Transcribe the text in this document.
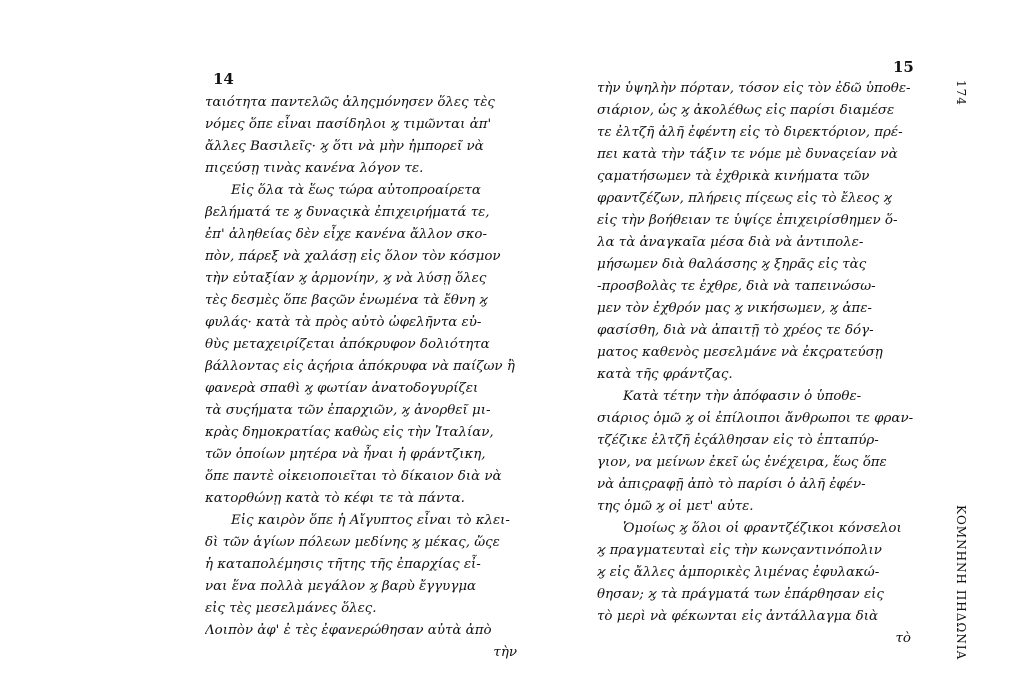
14
15
ταιότητα παντελῶς ἀληςμόνησεν ὅλες τὲς
νόμες ὅπε εἶναι πασίδηλοι ϗ τιμῶνται ἀπ'
ἄλλες Βασιλεῖς· ϗ ὅτι νὰ μὴν ἠμπορεῖ νὰ
πιςεύσῃ τινὰς κανένα λόγον τε.
Εἰς ὅλα τὰ ἕως τώρα αὐτοπροαίρετα
βελήματά τε ϗ δυναςικὰ ἐπιχειρήματά τε,
ἐπ' ἀληθείας δὲν εἶχε κανένα ἄλλον σκο-
πὸν, πάρεξ νὰ χαλάσῃ εἰς ὅλον τὸν κόσμον
τὴν εὐταξίαν ϗ ἁρμονίην, ϗ νὰ λύσῃ ὅλες
τὲς δεσμὲς ὅπε βαςῶν ἑνωμένα τὰ ἔθνη ϗ
φυλάς· κατὰ τὰ πρὸς αὐτὸ ὠφελῆντα εὐ-
θὺς μεταχειρίζεται ἀπόκρυφον δολιότητα
βάλλοντας εἰς ἀςήρια ἀπόκρυφα νὰ παίζων ἢ
φανερὰ σπαθὶ ϗ φωτίαν ἀνατοδογυρίζει
τὰ συςήματα τῶν ἐπαρχιῶν, ϗ ἀνορθεῖ μι-
κρὰς δημοκρατίας καθὼς εἰς τὴν Ἰταλίαν,
τῶν ὁποίων μητέρα νὰ ἦναι ἡ φράντζικη,
ὅπε παντὲ οἰκειοποιεῖται τὸ δίκαιον διὰ νὰ
κατορθώνῃ κατὰ τὸ κέφι τε τὰ πάντα.
Εἰς καιρὸν ὅπε ἡ Αἴγυπτος εἶναι τὸ κλει-
δὶ τῶν ἁγίων πόλεων μεδίνης ϗ μέκας, ὥςε
ἡ καταπολέμησις τῆτης τῆς ἐπαρχίας εἶ-
ναι ἕνα πολλὰ μεγάλον ϗ βαρὺ ἔγγυγμα
εἰς τὲς μεσελμάνες ὅλες.
Λοιπὸν ἀφ' ἐ τὲς ἐφανερώθησαν αὐτὰ ἀπὸ
τὴν
τὴν ὑψηλὴν πόρταν, τόσον εἰς τὸν ἐδῶ ὑποθε-
σιάριον, ὡς ϗ ἀκολέθως εἰς παρίσι διαμέσε
τε ἐλτζῆ ἀλῆ ἐφέντη εἰς τὸ διρεκτόριον, πρέ-
πει κατὰ τὴν τάξιν τε νόμε μὲ δυναςείαν νὰ
ςαματήσωμεν τὰ ἐχθρικὰ κινήματα τῶν
φραντζέζων, πλήρεις πίςεως εἰς τὸ ἔλεος ϗ
εἰς τὴν βοήθειαν τε ὑψίςε ἐπιχειρίσθημεν ὅ-
λα τὰ ἀναγκαῖα μέσα διὰ νὰ ἀντιπολε-
μήσωμεν διὰ θαλάσσης ϗ ξηρᾶς εἰς τὰς
-προσβολὰς τε ἐχθρε, διὰ νὰ ταπεινώσω-
μεν τὸν ἐχθρόν μας ϗ νικήσωμεν, ϗ ἀπε-
φασίσθη, διὰ νὰ ἀπαιτῇ τὸ χρέος τε δόγ-
ματος καθενὸς μεσελμάνε νὰ ἐκςρατεύσῃ
κατὰ τῆς φράντζας.
Κατὰ τέτην τὴν ἀπόφασιν ὁ ὑποθε-
σιάριος ὁμῶ ϗ οἱ ἐπίλοιποι ἄνθρωποι τε φραν-
τζέζικε ἐλτζῆ ἐςάλθησαν εἰς τὸ ἑπταπύρ-
γιον, να μείνων ἐκεῖ ὡς ἐνέχειρα, ἕως ὅπε
νὰ ἀπιςραφῇ ἀπὸ τὸ παρίσι ὁ ἀλῆ ἐφέν-
της ὁμῶ ϗ οἱ μετ' αὐτε.
Ὁμοίως ϗ ὅλοι οἱ φραντζέζικοι κόνσελοι
ϗ πραγματευταὶ εἰς τὴν κωνςαντινόπολιν
ϗ εἰς ἄλλες ἀμπορικὲς λιμένας ἐφυλακώ-
θησαν; ϗ τὰ πράγματά των ἐπάρθησαν εἰς
τὸ μερὶ νὰ φέκωνται εἰς ἀντάλλαγμα διὰ
τὸ
174
ΚΟΜΝΗΝΗ ΠΗΔΩΝΙΑ
